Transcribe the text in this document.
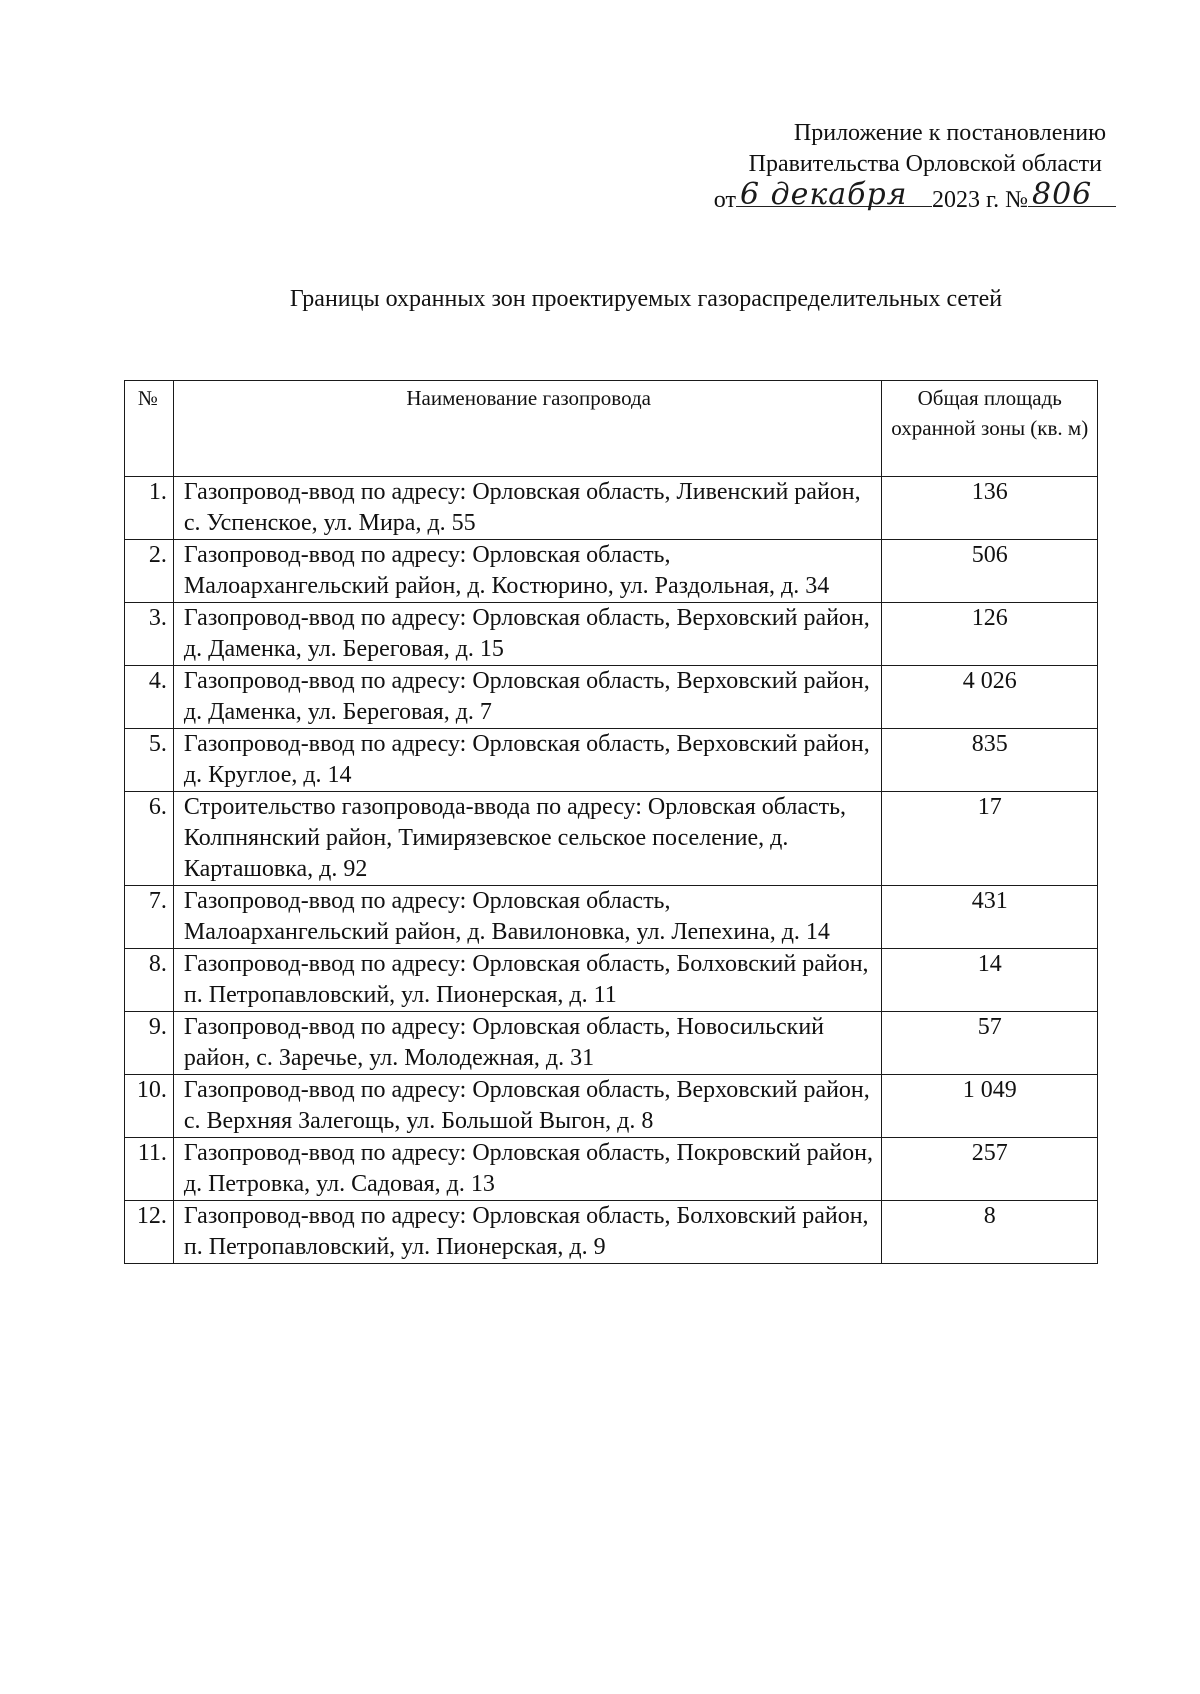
Приложение к постановлению
Правительства Орловской области
от 6 декабря 2023 г. № 806
Границы охранных зон проектируемых газораспределительных сетей
№	Наименование газопровода	Общая площадь охранной зоны (кв. м)
1.	Газопровод-ввод по адресу: Орловская область, Ливенский район, с. Успенское, ул. Мира, д. 55	136
2.	Газопровод-ввод по адресу: Орловская область, Малоархангельский район, д. Костюрино, ул. Раздольная, д. 34	506
3.	Газопровод-ввод по адресу: Орловская область, Верховский район, д. Даменка, ул. Береговая, д. 15	126
4.	Газопровод-ввод по адресу: Орловская область, Верховский район, д. Даменка, ул. Береговая, д. 7	4 026
5.	Газопровод-ввод по адресу: Орловская область, Верховский район, д. Круглое, д. 14	835
6.	Строительство газопровода-ввода по адресу: Орловская область, Колпнянский район, Тимирязевское сельское поселение, д. Карташовка, д. 92	17
7.	Газопровод-ввод по адресу: Орловская область, Малоархангельский район, д. Вавилоновка, ул. Лепехина, д. 14	431
8.	Газопровод-ввод по адресу: Орловская область, Болховский район, п. Петропавловский, ул. Пионерская, д. 11	14
9.	Газопровод-ввод по адресу: Орловская область, Новосильский район, с. Заречье, ул. Молодежная, д. 31	57
10.	Газопровод-ввод по адресу: Орловская область, Верховский район, с. Верхняя Залегощь, ул. Большой Выгон, д. 8	1 049
11.	Газопровод-ввод по адресу: Орловская область, Покровский район, д. Петровка, ул. Садовая, д. 13	257
12.	Газопровод-ввод по адресу: Орловская область, Болховский район, п. Петропавловский, ул. Пионерская, д. 9	8
